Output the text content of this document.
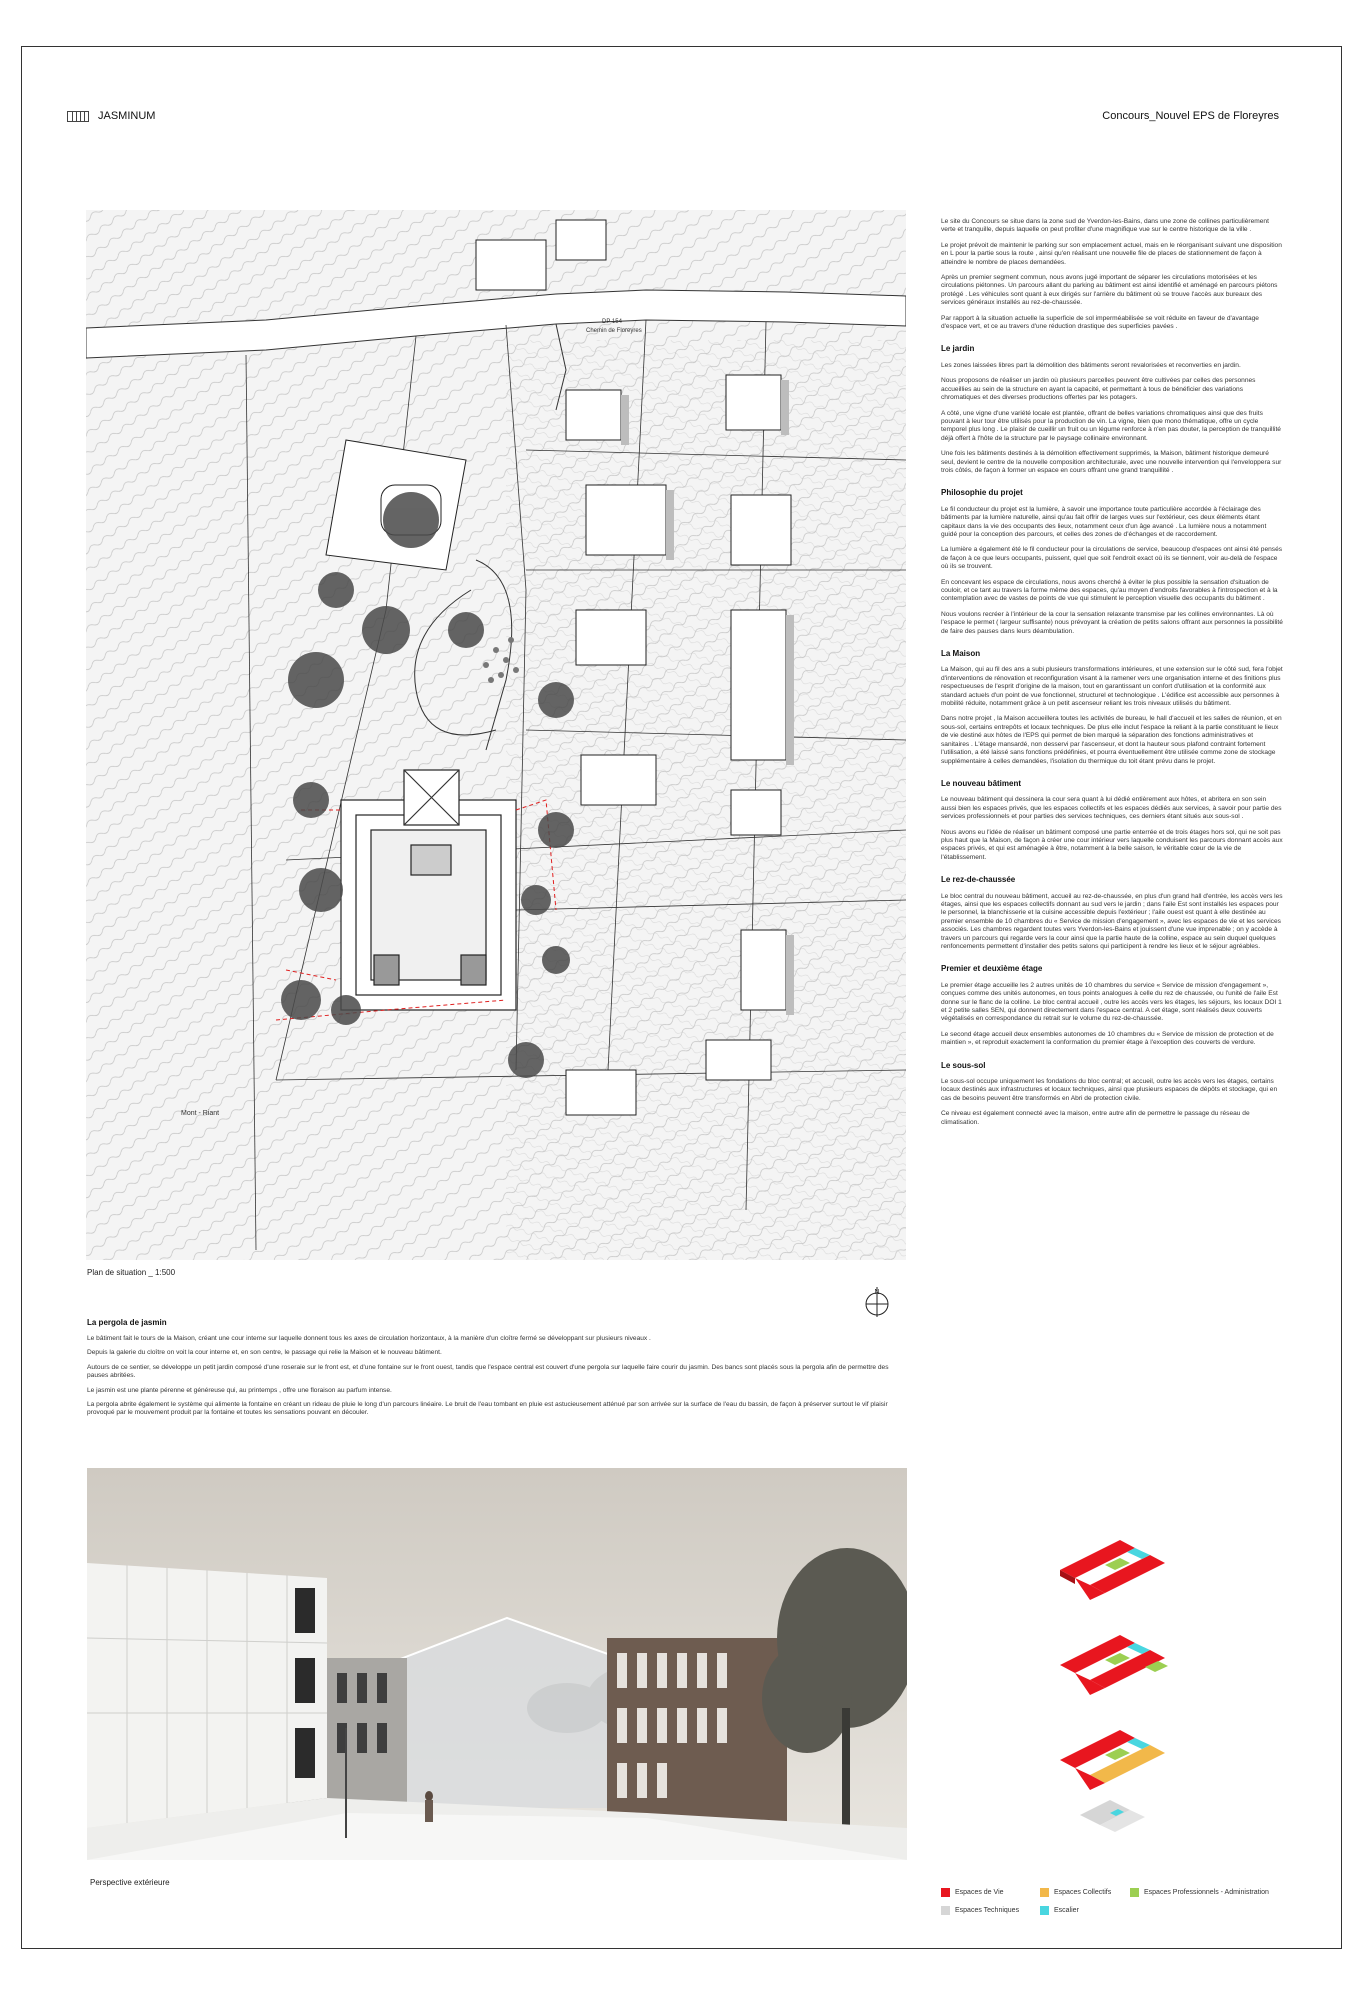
JASMINUM	Concours_Nouvel EPS de Floreyres
DP 154
Chemin de Floreyres
Mont - Riant
Plan de situation _ 1:500
N
La pergola de jasmin

Le bâtiment fait le tours de la Maison, créant une cour interne sur laquelle donnent tous les axes de circulation horizontaux, à la manière d'un cloître fermé se développant sur plusieurs niveaux .

Depuis la galerie du cloître on voit la cour interne et, en son centre, le passage qui relie la Maison et le nouveau bâtiment.

Autours de ce sentier, se développe un petit jardin composé d'une roseraie sur le front est, et d'une fontaine sur le front ouest, tandis que l'espace central est couvert d'une pergola sur laquelle faire courir du jasmin. Des bancs sont placés sous la pergola afin de permettre des pauses abritées.

Le jasmin est une plante pérenne et généreuse qui, au printemps , offre une floraison au parfum intense.

La pergola abrite également le système qui alimente la fontaine en créant un rideau de pluie le long d'un parcours linéaire. Le bruit de l'eau tombant en pluie est astucieusement atténué par son arrivée sur la surface de l'eau du bassin, de façon à préserver surtout le vif plaisir provoqué par le mouvement produit par la fontaine et toutes les sensations pouvant en découler.

Perspective extérieure

Le site du Concours se situe dans la zone sud de Yverdon-les-Bains, dans une zone de collines particulièrement verte et tranquille, depuis laquelle on peut profiter d'une magnifique vue sur le centre historique de la ville .

Le projet prévoit de maintenir le parking sur son emplacement actuel, mais en le réorganisant suivant une disposition en L pour la partie sous la route , ainsi qu'en réalisant une nouvelle file de places de stationnement de façon à atteindre le nombre de places demandées.

Après un premier segment commun, nous avons jugé important de séparer les circulations motorisées et les circulations piétonnes. Un parcours allant du parking au bâtiment est ainsi identifié et aménagé en parcours piétons protégé . Les véhicules sont quant à eux dirigés sur l'arrière du bâtiment où se trouve l'accès aux bureaux des services généraux installés au rez-de-chaussée.

Par rapport à la situation actuelle la superficie de sol imperméabilisée se voit réduite en faveur de d'avantage d'espace vert, et ce au travers d'une réduction drastique des superficies pavées .

Le jardin

Les zones laissées libres part la démolition des bâtiments seront revalorisées et reconverties en jardin.

Nous proposons de réaliser un jardin où plusieurs parcelles peuvent être cultivées par celles des personnes accueillies au sein de la structure en ayant la capacité, et permettant à tous de bénéficier des variations chromatiques et des diverses productions offertes par les potagers.

A côté, une vigne d'une variété locale est plantée, offrant de belles variations chromatiques ainsi que des fruits pouvant à leur tour être utilisés pour la production de vin. La vigne, bien que mono thématique, offre un cycle temporel plus long . Le plaisir de cueillir un fruit ou un légume renforce à n'en pas douter, la perception de tranquillité déjà offert à l'hôte de la structure par le paysage collinaire environnant.

Une fois les bâtiments destinés à la démolition effectivement supprimés, la Maison, bâtiment historique demeuré seul, devient le centre de la nouvelle composition architecturale, avec une nouvelle intervention qui l'enveloppera sur trois côtés, de façon à former un espace en cours offrant une grand tranquillité .

Philosophie du projet

Le fil conducteur du projet est la lumière, à savoir une importance toute particulière accordée à l'éclairage des bâtiments par la lumière naturelle, ainsi qu'au fait offrir de larges vues sur l'extérieur, ces deux éléments étant capitaux dans la vie des occupants des lieux, notamment ceux d'un âge avancé . La lumière nous a notamment guidé pour la conception des parcours, et celles des zones de d'échanges et de raccordement.

La lumière a également été le fil conducteur pour la circulations de service, beaucoup d'espaces ont ainsi été pensés de façon à ce que leurs occupants, puissent, quel que soit l'endroit exact où ils se tiennent, voir au-delà de l'espace où ils se trouvent.

En concevant les espace de circulations, nous avons cherché à éviter le plus possible la sensation d'situation de couloir, et ce tant au travers la forme même des espaces, qu'au moyen d'endroits favorables à l'introspection et à la contemplation avec de vastes de points de vue qui stimulent le perception visuelle des occupants du bâtiment .

Nous voulons recréer à l'intérieur de la cour la sensation relaxante transmise par les collines environnantes. Là où l'espace le permet ( largeur suffisante) nous prévoyant la création de petits salons offrant aux personnes la possibilité de faire des pauses dans leurs déambulation.

La Maison

La Maison, qui au fil des ans a subi plusieurs transformations intérieures, et une extension sur le côté sud, fera l'objet d'interventions de rénovation et reconfiguration visant à la ramener vers une organisation interne et des finitions plus respectueuses de l'esprit d'origine de la maison, tout en garantissant un confort d'utilisation et la conformité aux standard actuels d'un point de vue fonctionnel, structurel et technologique . L'édifice est accessible aux personnes à mobilité réduite, notamment grâce à un petit ascenseur reliant les trois niveaux utilisés du bâtiment.

Dans notre projet , la Maison accueillera toutes les activités de bureau, le hall d'accueil et les salles de réunion, et en sous-sol, certains entrepôts et locaux techniques. De plus elle inclut l'espace la reliant à la partie constituant le lieux de vie destiné aux hôtes de l'EPS qui permet de bien marqué la séparation des fonctions administratives et sanitaires . L'étage mansardé, non desservi par l'ascenseur, et dont la hauteur sous plafond contraint fortement l'utilisation, a été laissé sans fonctions prédéfinies, et pourra éventuellement être utilisée comme zone de stockage supplémentaire à celles demandées, l'isolation du thermique du toit étant prévu dans le projet.

Le nouveau bâtiment

Le nouveau bâtiment qui dessinera la cour sera quant à lui dédié entièrement aux hôtes, et abritera en son sein aussi bien les espaces privés, que les espaces collectifs et les espaces dédiés aux services, à savoir pour partie des services professionnels et pour parties des services techniques, ces derniers étant situés aux sous-sol .

Nous avons eu l'idée de réaliser un bâtiment composé une partie enterrée et de trois étages hors sol, qui ne soit pas plus haut que la Maison, de façon à créer une cour intérieur vers laquelle conduisent les parcours donnant accès aux espaces privés, et qui est aménagée à être, notamment à la belle saison, le véritable cœur de la vie de l'établissement.

Le rez-de-chaussée

Le bloc central du nouveau bâtiment, accueil au rez-de-chaussée, en plus d'un grand hall d'entrée, les accès vers les étages, ainsi que les espaces collectifs donnant au sud vers le jardin ; dans l'aile Est sont installés les espaces pour le personnel, la blanchisserie et la cuisine accessible depuis l'extérieur ; l'aile ouest est quant à elle destinée au premier ensemble de 10 chambres du « Service de mission d'engagement », avec les espaces de vie et les services associés. Les chambres regardent toutes vers Yverdon-les-Bains et jouissent d'une vue imprenable ; on y accède à travers un parcours qui regarde vers la cour ainsi que la partie haute de la colline, espace au sein duquel quelques renfoncements permettent d'installer des petits salons qui participent à rendre les lieux et le séjour agréables.

Premier et deuxième étage

Le premier étage accueille les 2 autres unités de 10 chambres du service « Service de mission d'engagement », conçues comme des unités autonomes, en tous points analogues à celle du rez de chaussée, ou l'unité de l'aile Est donne sur le flanc de la colline. Le bloc central accueil , outre les accès vers les étages, les séjours, les locaux DOI 1 et 2 petite salles SEN, qui donnent directement dans l'espace central. A cet étage, sont réalisés deux couverts végétalisés en correspondance du retrait sur le volume du rez-de-chaussée.

Le second étage accueil deux ensembles autonomes de 10 chambres du « Service de mission de protection et de maintien », et reproduit exactement la conformation du premier étage à l'exception des couverts de verdure.

Le sous-sol

Le sous-sol occupe uniquement les fondations du bloc central; et accueil, outre les accès vers les étages, certains locaux destinés aux infrastructures et locaux techniques, ainsi que plusieurs espaces de dépôts et stockage, qui en cas de besoins peuvent être transformés en Abri de protection civile.

Ce niveau est également connecté avec la maison, entre autre afin de permettre le passage du réseau de climatisation.

Espaces de Vie	Espaces Collectifs	Espaces Professionnels - Administration
Espaces Techniques	Escalier
